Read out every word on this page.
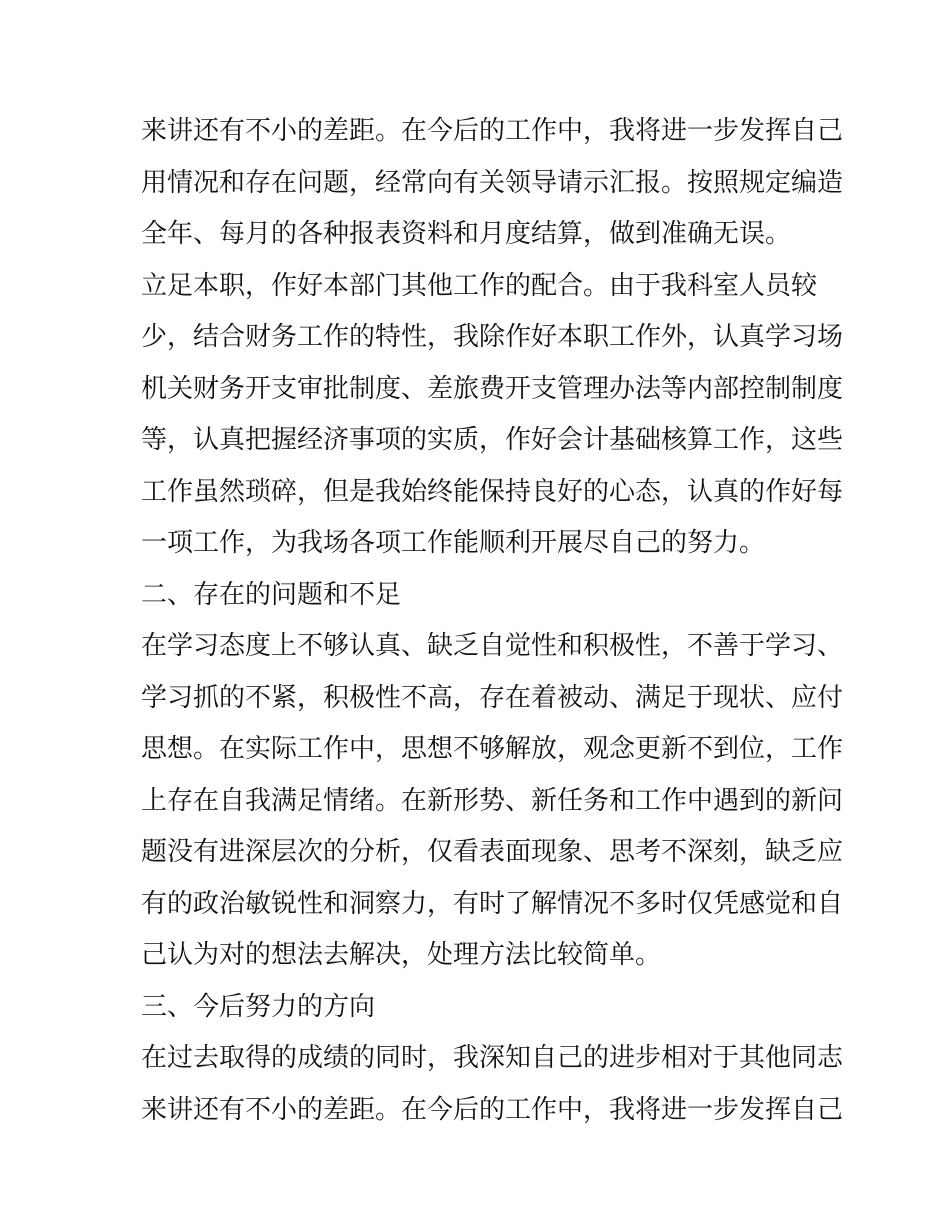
来讲还有不小的差距。在今后的工作中，我将进一步发挥自己

用情况和存在问题，经常向有关领导请示汇报。按照规定编造

全年、每月的各种报表资料和月度结算，做到准确无误。

立足本职，作好本部门其他工作的配合。由于我科室人员较

少，结合财务工作的特性，我除作好本职工作外，认真学习场

机关财务开支审批制度、差旅费开支管理办法等内部控制制度

等，认真把握经济事项的实质，作好会计基础核算工作，这些

工作虽然琐碎，但是我始终能保持良好的心态，认真的作好每

一项工作，为我场各项工作能顺利开展尽自己的努力。

二、存在的问题和不足

在学习态度上不够认真、缺乏自觉性和积极性，不善于学习、

学习抓的不紧，积极性不高，存在着被动、满足于现状、应付

思想。在实际工作中，思想不够解放，观念更新不到位，工作

上存在自我满足情绪。在新形势、新任务和工作中遇到的新问

题没有进深层次的分析，仅看表面现象、思考不深刻，缺乏应

有的政治敏锐性和洞察力，有时了解情况不多时仅凭感觉和自

己认为对的想法去解决，处理方法比较简单。

三、今后努力的方向

在过去取得的成绩的同时，我深知自己的进步相对于其他同志

来讲还有不小的差距。在今后的工作中，我将进一步发挥自己
